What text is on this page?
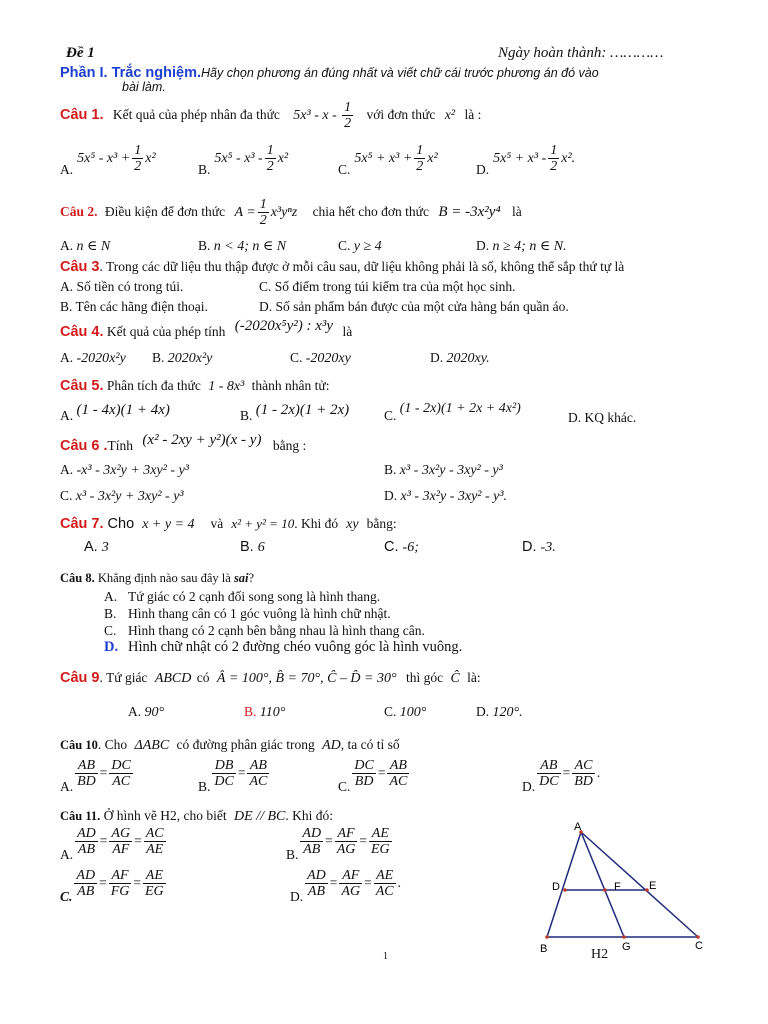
Đề 1	Ngày hoàn thành: …………
Phần I. Trắc nghiệm.Hãy chọn phương án đúng nhất và viết chữ cái trước phương án đó vào
bài làm.
Câu 1. Kết quả của phép nhân đa thức 5x³ - x - $\frac{1}{2}$ với đơn thức x² là :
$A.5x^5 - x^3 + \frac{1}{2} x^2$
$B.5x^5 - x^3 - \frac{1}{2} x^2$
$C.5x^5 + x^3 + \frac{1}{2} x^2$
$D.5x^5 + x^3 - \frac{1}{2} x^2$.
Câu 2. Điều kiện để đơn thức $A = \frac{1}{2} x^3y^nz$ chia hết cho đơn thức B = -3x²y⁴ là
A. n ∈ N	B. n < 4; n ∈ N	C. y ≥ 4	D. n ≥ 4; n ∈ N.
Câu 3. Trong các dữ liệu thu thập được ở mỗi câu sau, dữ liệu không phải là số, không thể sắp thứ tự là
A. Số tiền có trong túi.	C. Số điểm trong túi kiểm tra của một học sinh.
B. Tên các hãng điện thoại.	D. Số sản phẩm bán được của một cửa hàng bán quần áo.
Câu 4. Kết quả của phép tính (-2020x⁵y²) : x³y là
A. -2020x²y B. 2020x²y	C. -2020xy	D. 2020xy.
Câu 5. Phân tích đa thức 1 - 8x³ thành nhân tử:
A. (1 - 4x)(1 + 4x)	B. (1 - 2x)(1 + 2x)	C. (1 - 2x)(1 + 2x + 4x²)
D. KQ khác.
Câu 6 .Tính (x² - 2xy + y²)(x - y) bằng :
A. -x³ - 3x²y + 3xy² - y³	B. x³ - 3x²y - 3xy² - y³
C. x³ - 3x²y + 3xy² - y³	D. x³ - 3x²y - 3xy² - y³.
Câu 7. Cho x + y = 4 và x² + y² = 10. Khi đó xy bằng:
A. 3	B. 6	C. -6;	D. -3.
Câu 8. Khẳng định nào sau đây là sai?
A. Tứ giác có 2 cạnh đối song song là hình thang.
B. Hình thang cân có 1 góc vuông là hình chữ nhật.
C. Hình thang có 2 cạnh bên bằng nhau là hình thang cân.
D. Hình chữ nhật có 2 đường chéo vuông góc là hình vuông.
Câu 9. Tứ giác ABCD có Â = 100°, B̂ = 70°, Ĉ – D̂ = 30° thì góc Ĉ là:
A. 90°	B. 110°	C. 100°	D. 120°.
Câu 10. Cho ΔABC có đường phân giác trong AD, ta có tỉ số
A. $\frac{AB}{BD} = \frac{DC}{AC}$	B. $\frac{DB}{DC} = \frac{AB}{AC}$	C. $\frac{DC}{BD} = \frac{AB}{AC}$	D. $\frac{AB}{DC} = \frac{AC}{BD}$ .
Câu 11. Ở hình vẽ H2, cho biết DE // BC. Khi đó:
A. $\frac{AD}{AB} = \frac{AG}{AF} = \frac{AC}{AE}$	B. $\frac{AD}{AB} = \frac{AF}{AG} = \frac{AE}{EG}$
C. $\frac{AD}{AB} = \frac{AF}{FG} = \frac{AE}{EG}$	D. $\frac{AD}{AB} = \frac{AF}{AG} = \frac{AE}{AC}$ .
A
B	C
D	E
F
G
H2
1
